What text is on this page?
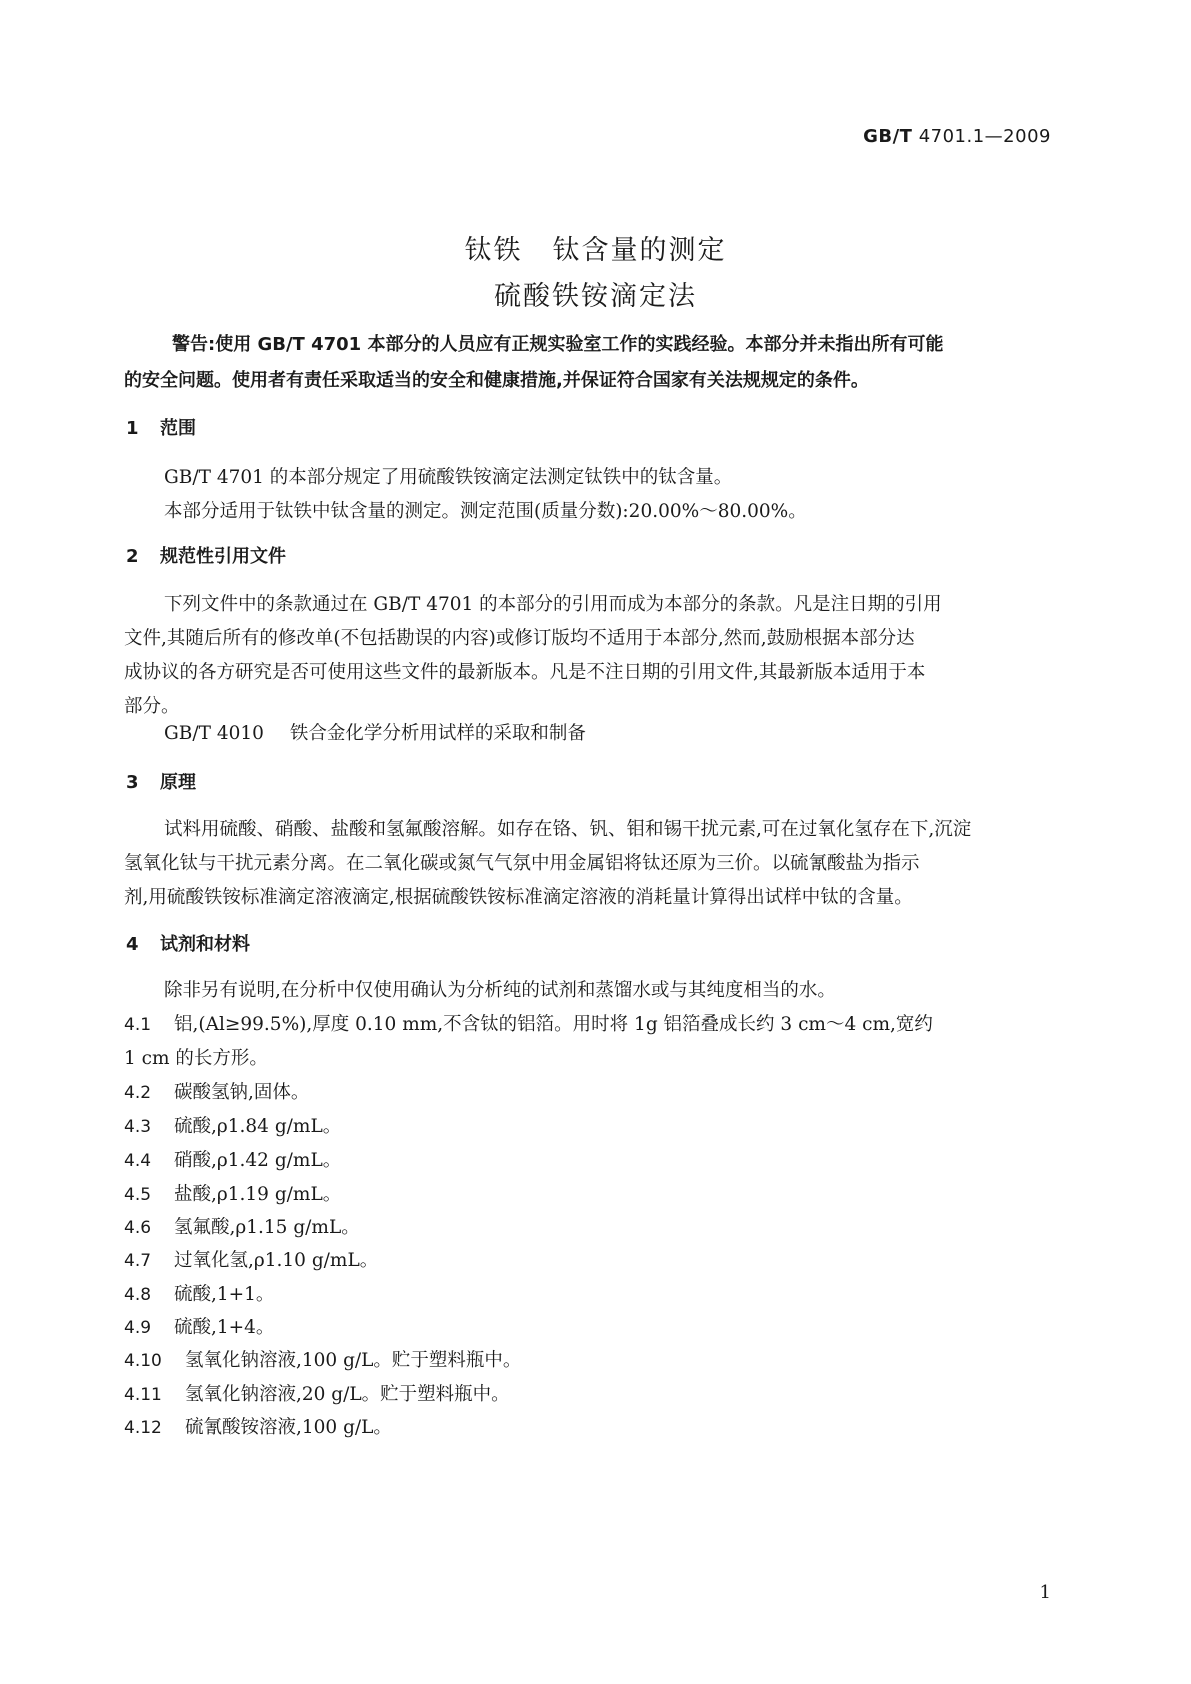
GB/T 4701.1—2009
钛铁 钛含量的测定
硫酸铁铵滴定法
警告:使用 GB/T 4701 本部分的人员应有正规实验室工作的实践经验。本部分并未指出所有可能
的安全问题。使用者有责任采取适当的安全和健康措施,并保证符合国家有关法规规定的条件。
1 范围
GB/T 4701 的本部分规定了用硫酸铁铵滴定法测定钛铁中的钛含量。
本部分适用于钛铁中钛含量的测定。测定范围(质量分数):20.00%～80.00%。
2 规范性引用文件
下列文件中的条款通过在 GB/T 4701 的本部分的引用而成为本部分的条款。凡是注日期的引用
文件,其随后所有的修改单(不包括勘误的内容)或修订版均不适用于本部分,然而,鼓励根据本部分达
成协议的各方研究是否可使用这些文件的最新版本。凡是不注日期的引用文件,其最新版本适用于本
部分。
GB/T 4010 铁合金化学分析用试样的采取和制备
3 原理
试料用硫酸、硝酸、盐酸和氢氟酸溶解。如存在铬、钒、钼和锡干扰元素,可在过氧化氢存在下,沉淀
氢氧化钛与干扰元素分离。在二氧化碳或氮气气氛中用金属铝将钛还原为三价。以硫氰酸盐为指示
剂,用硫酸铁铵标准滴定溶液滴定,根据硫酸铁铵标准滴定溶液的消耗量计算得出试样中钛的含量。
4 试剂和材料
除非另有说明,在分析中仅使用确认为分析纯的试剂和蒸馏水或与其纯度相当的水。
4.1 铝,(Al≥99.5%),厚度 0.10 mm,不含钛的铝箔。用时将 1g 铝箔叠成长约 3 cm～4 cm,宽约
1 cm 的长方形。
4.2 碳酸氢钠,固体。
4.3 硫酸,ρ1.84 g/mL。
4.4 硝酸,ρ1.42 g/mL。
4.5 盐酸,ρ1.19 g/mL。
4.6 氢氟酸,ρ1.15 g/mL。
4.7 过氧化氢,ρ1.10 g/mL。
4.8 硫酸,1+1。
4.9 硫酸,1+4。
4.10 氢氧化钠溶液,100 g/L。贮于塑料瓶中。
4.11 氢氧化钠溶液,20 g/L。贮于塑料瓶中。
4.12 硫氰酸铵溶液,100 g/L。
1
